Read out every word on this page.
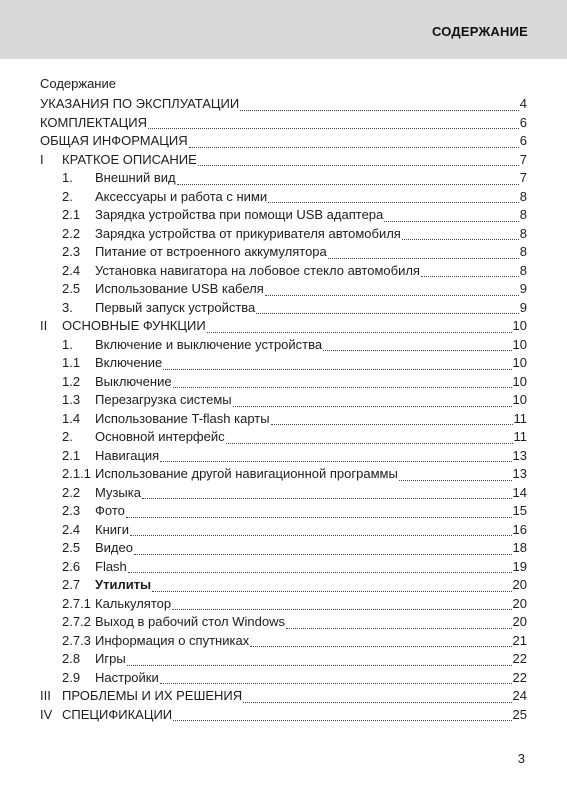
СОДЕРЖАНИЕ
Содержание
УКАЗАНИЯ ПО ЭКСПЛУАТАЦИИ	4
КОМПЛЕКТАЦИЯ	6
ОБЩАЯ ИНФОРМАЦИЯ	6
I	КРАТКОЕ ОПИСАНИЕ	7
1.	Внешний вид	7
2.	Аксессуары и работа с ними	8
2.1	Зарядка устройства при помощи USB адаптера	8
2.2	Зарядка устройства от прикуривателя автомобиля	8
2.3	Питание от встроенного аккумулятора	8
2.4	Установка навигатора на лобовое стекло автомобиля	8
2.5	Использование USB кабеля	9
3.	Первый запуск устройства	9
II	ОСНОВНЫЕ ФУНКЦИИ	10
1.	Включение и выключение устройства	10
1.1	Включение	10
1.2	Выключение	10
1.3	Перезагрузка системы	10
1.4	Использование T-flash карты	11
2.	Основной интерфейс	11
2.1	Навигация	13
2.1.1 Использование другой навигационной программы	13
2.2	Музыка	14
2.3	Фото	15
2.4	Книги	16
2.5	Видео	18
2.6	Flash	19
2.7	Утилиты	20
2.7.1 Калькулятор	20
2.7.2 Выход в рабочий стол Windows	20
2.7.3 Информация о спутниках	21
2.8	Игры	22
2.9	Настройки	22
III ПРОБЛЕМЫ И ИХ РЕШЕНИЯ	24
IV СПЕЦИФИКАЦИИ	25
3
